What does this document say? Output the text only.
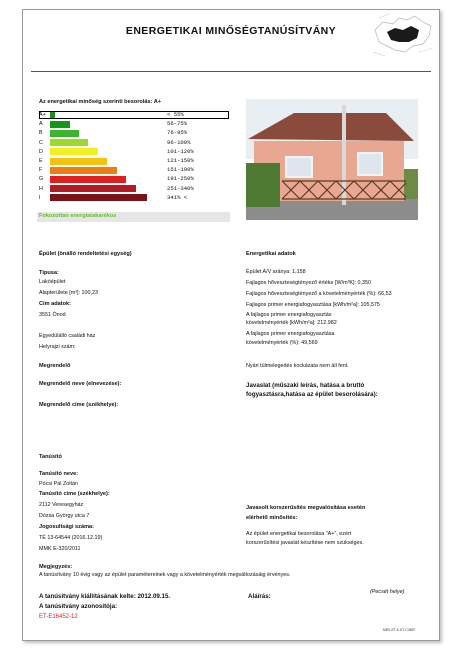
ENERGETIKAI MINŐSÉGTANÚSÍTVÁNY
Az energetikai minőség szerinti besorolás: A+
A+	< 55%
A	56-75%
B	76-95%
C	96-100%
D	101-120%
E	121-150%
F	151-190%
G	191-250%
H	251-340%
I	341% <
Fokozottan energiatakarékos
Épület (önálló rendeltetési egység)
Típusa:
Lakóépület
Alapterülete [m²]: 100,23
Cím adatok:
3551 Ónod
Egyedülálló családi ház
Helyrajzi szám:
Energetikai adatok
Épület A/V aránya: 1,158
Fajlagos hőveszteségtényező értéke [W/m³K]: 0,350
Fajlagos hőveszteségtényező a követelményérték (%): 66,53
Fajlagos primer energiafogyasztása [kWh/m²a]: 105,575
A fajlagos primer energiafogyasztás
követelményérték [kWh/m²a]: 212,982
A fajlagos primer energiafogyasztása
követelményérték (%): 49,569
Megrendelő	Nyári túlmelegedés kockázata nem áll fent.
Megrendelő neve (elnevezése):	Javaslat (műszaki leírás, hatása a bruttó
fogyasztásra,hatása az épület besorolására):
Megrendelő címe (székhelye):
Tanúsító
Tanúsító neve:
Pócsi Pál Zoltán
Tanúsító címe (székhelye):
2112 Veresegyház
Dózsa György utca 7
Jogosultsági száma:
TÉ 13-64544 (2016.12.19)
MMK E-320/2011
Javasolt korszerűsítés megvalósítása esetén
elérhető minősítés:
Az épület energetikai besorolása "A+", ezért
korszerűsítési javaslat készítése nem szükséges.
Megjegyzés:
A tanúsítvány 10 évig vagy az épület paramétereinek vagy a követelményérték megváltozásáig érvényes.
A tanúsítvány kiállításának kelte: 2012.09.15.	Aláírás:
(Pecsét helye)
A tanúsítvány azonosítója:
ET-E16452-12
MÉK-ET-K-ET-C4897
